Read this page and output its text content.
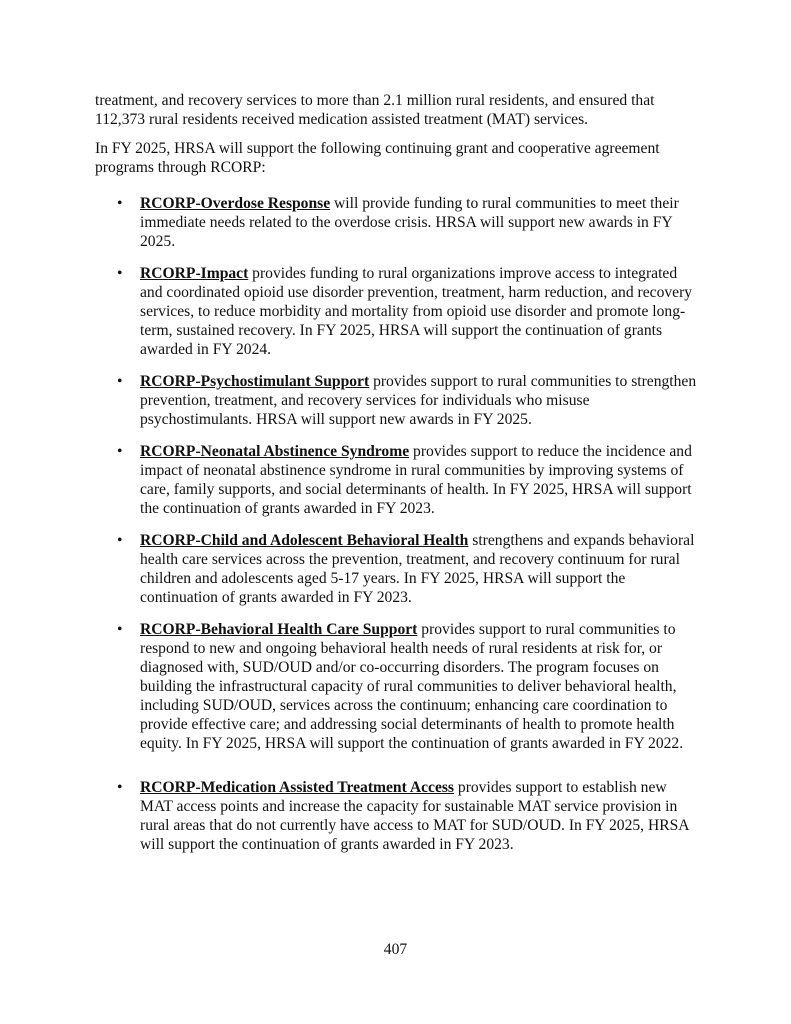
treatment, and recovery services to more than 2.1 million rural residents, and ensured that
112,373 rural residents received medication assisted treatment (MAT) services.

In FY 2025, HRSA will support the following continuing grant and cooperative agreement
programs through RCORP:

• RCORP-Overdose Response will provide funding to rural communities to meet their
immediate needs related to the overdose crisis. HRSA will support new awards in FY
2025.
• RCORP-Impact provides funding to rural organizations improve access to integrated
and coordinated opioid use disorder prevention, treatment, harm reduction, and recovery
services, to reduce morbidity and mortality from opioid use disorder and promote long-
term, sustained recovery. In FY 2025, HRSA will support the continuation of grants
awarded in FY 2024.
• RCORP-Psychostimulant Support provides support to rural communities to strengthen
prevention, treatment, and recovery services for individuals who misuse
psychostimulants. HRSA will support new awards in FY 2025.
• RCORP-Neonatal Abstinence Syndrome provides support to reduce the incidence and
impact of neonatal abstinence syndrome in rural communities by improving systems of
care, family supports, and social determinants of health. In FY 2025, HRSA will support
the continuation of grants awarded in FY 2023.
• RCORP-Child and Adolescent Behavioral Health strengthens and expands behavioral
health care services across the prevention, treatment, and recovery continuum for rural
children and adolescents aged 5-17 years. In FY 2025, HRSA will support the
continuation of grants awarded in FY 2023.
• RCORP-Behavioral Health Care Support provides support to rural communities to
respond to new and ongoing behavioral health needs of rural residents at risk for, or
diagnosed with, SUD/OUD and/or co-occurring disorders. The program focuses on
building the infrastructural capacity of rural communities to deliver behavioral health,
including SUD/OUD, services across the continuum; enhancing care coordination to
provide effective care; and addressing social determinants of health to promote health
equity. In FY 2025, HRSA will support the continuation of grants awarded in FY 2022.
• RCORP-Medication Assisted Treatment Access provides support to establish new
MAT access points and increase the capacity for sustainable MAT service provision in
rural areas that do not currently have access to MAT for SUD/OUD. In FY 2025, HRSA
will support the continuation of grants awarded in FY 2023.
407
